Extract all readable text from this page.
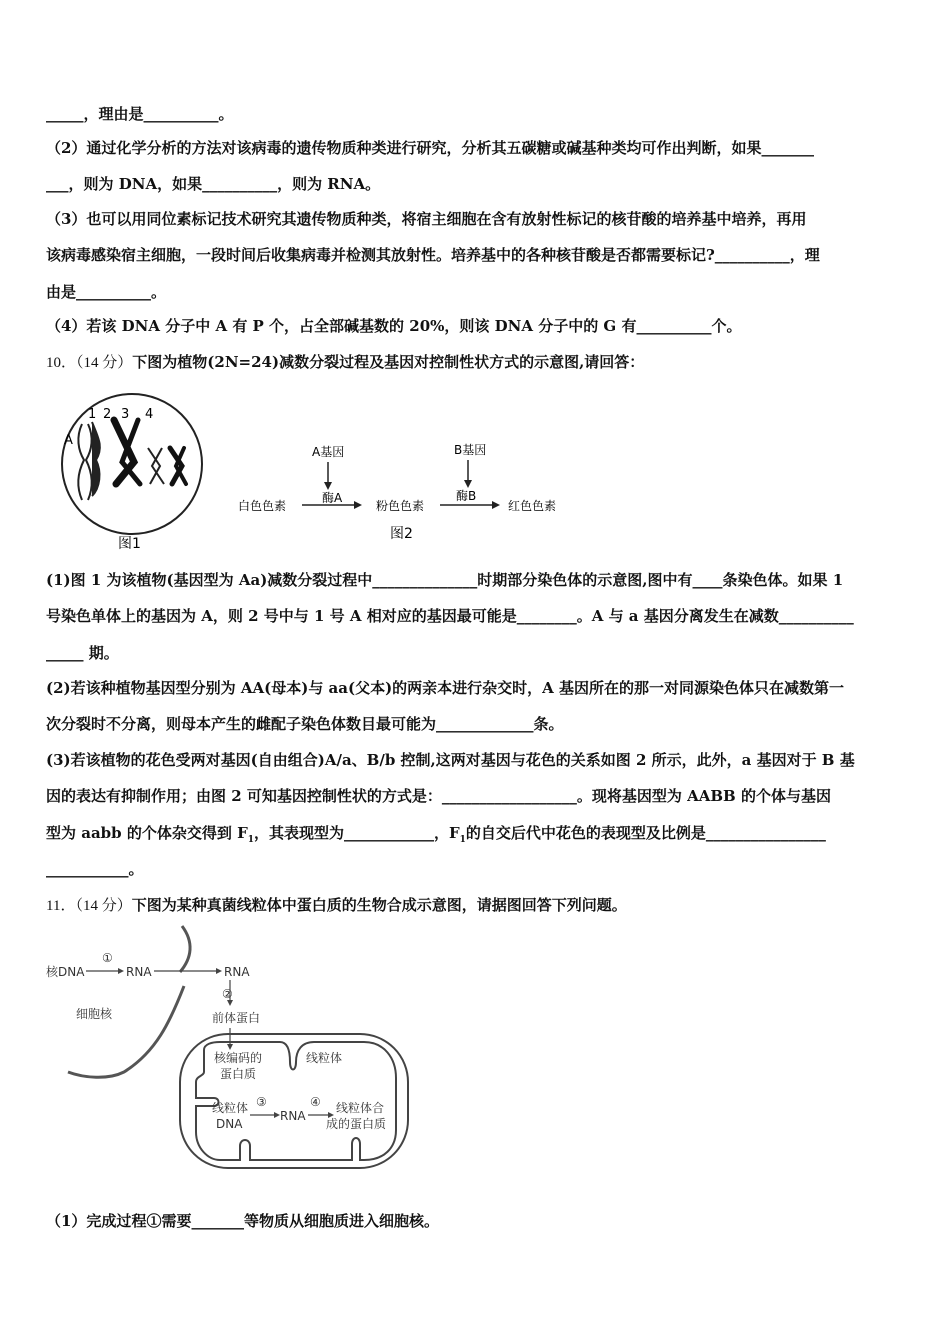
_____，理由是__________。
（2）通过化学分析的方法对该病毒的遗传物质种类进行研究，分析其五碳糖或碱基种类均可作出判断，如果_______
___，则为 DNA，如果__________，则为 RNA。
（3）也可以用同位素标记技术研究其遗传物质种类，将宿主细胞在含有放射性标记的核苷酸的培养基中培养，再用
该病毒感染宿主细胞，一段时间后收集病毒并检测其放射性。培养基中的各种核苷酸是否都需要标记?__________，理
由是__________。
（4）若该 DNA 分子中 A 有 P 个，占全部碱基数的 20%，则该 DNA 分子中的 G 有__________个。
10．（14 分）下图为植物(2N=24)减数分裂过程及基因对控制性状方式的示意图,请回答：
1 2 3 4
A
图1
A基因
酶A
B基因
酶B
白色色素	粉色色素	红色色素
图2
(1)图 1 为该植物(基因型为 Aa)减数分裂过程中______________时期部分染色体的示意图,图中有____条染色体。如果 1
号染色单体上的基因为 A，则 2 号中与 1 号 A 相对应的基因最可能是________。A 与 a 基因分离发生在减数__________
_____ 期。
(2)若该种植物基因型分别为 AA(母本)与 aa(父本)的两亲本进行杂交时，A 基因所在的那一对同源染色体只在减数第一
次分裂时不分离，则母本产生的雌配子染色体数目最可能为_____________条。
(3)若该植物的花色受两对基因(自由组合)A/a、B/b 控制,这两对基因与花色的关系如图 2 所示，此外，a 基因对于 B 基
因的表达有抑制作用；由图 2 可知基因控制性状的方式是：__________________。现将基因型为 AABB 的个体与基因
型为 aabb 的个体杂交得到 $F_1$，其表现型为____________，$F_1$的自交后代中花色的表现型及比例是________________
___________。
11．（14 分）下图为某种真菌线粒体中蛋白质的生物合成示意图，请据图回答下列问题。
核DNA
①
RNA	RNA
细胞核
②
前体蛋白
核编码的
蛋白质
线粒体
线粒体
DNA
③
RNA
④ 线粒体合
成的蛋白质
（1）完成过程①需要_______等物质从细胞质进入细胞核。
